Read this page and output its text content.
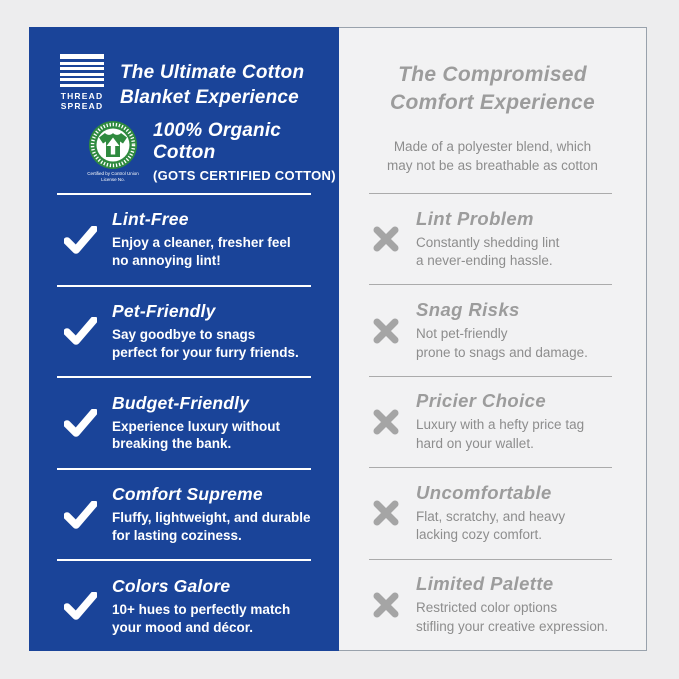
THREAD
SPREAD
The Ultimate Cotton
Blanket Experience
Certified by Control Union
License No.
100% Organic Cotton
(GOTS CERTIFIED COTTON)
Lint-Free
Enjoy a cleaner, fresher feel
no annoying lint!
Pet-Friendly
Say goodbye to snags
perfect for your furry friends.
Budget-Friendly
Experience luxury without
breaking the bank.
Comfort Supreme
Fluffy, lightweight, and durable
for lasting coziness.
Colors Galore
10+ hues to perfectly match
your mood and décor.
The Compromised
Comfort Experience
Made of a polyester blend, which
may not be as breathable as cotton
Lint Problem
Constantly shedding lint
a never-ending hassle.
Snag Risks
Not pet-friendly
prone to snags and damage.
Pricier Choice
Luxury with a hefty price tag
hard on your wallet.
Uncomfortable
Flat, scratchy, and heavy
lacking cozy comfort.
Limited Palette
Restricted color options
stifling your creative expression.
